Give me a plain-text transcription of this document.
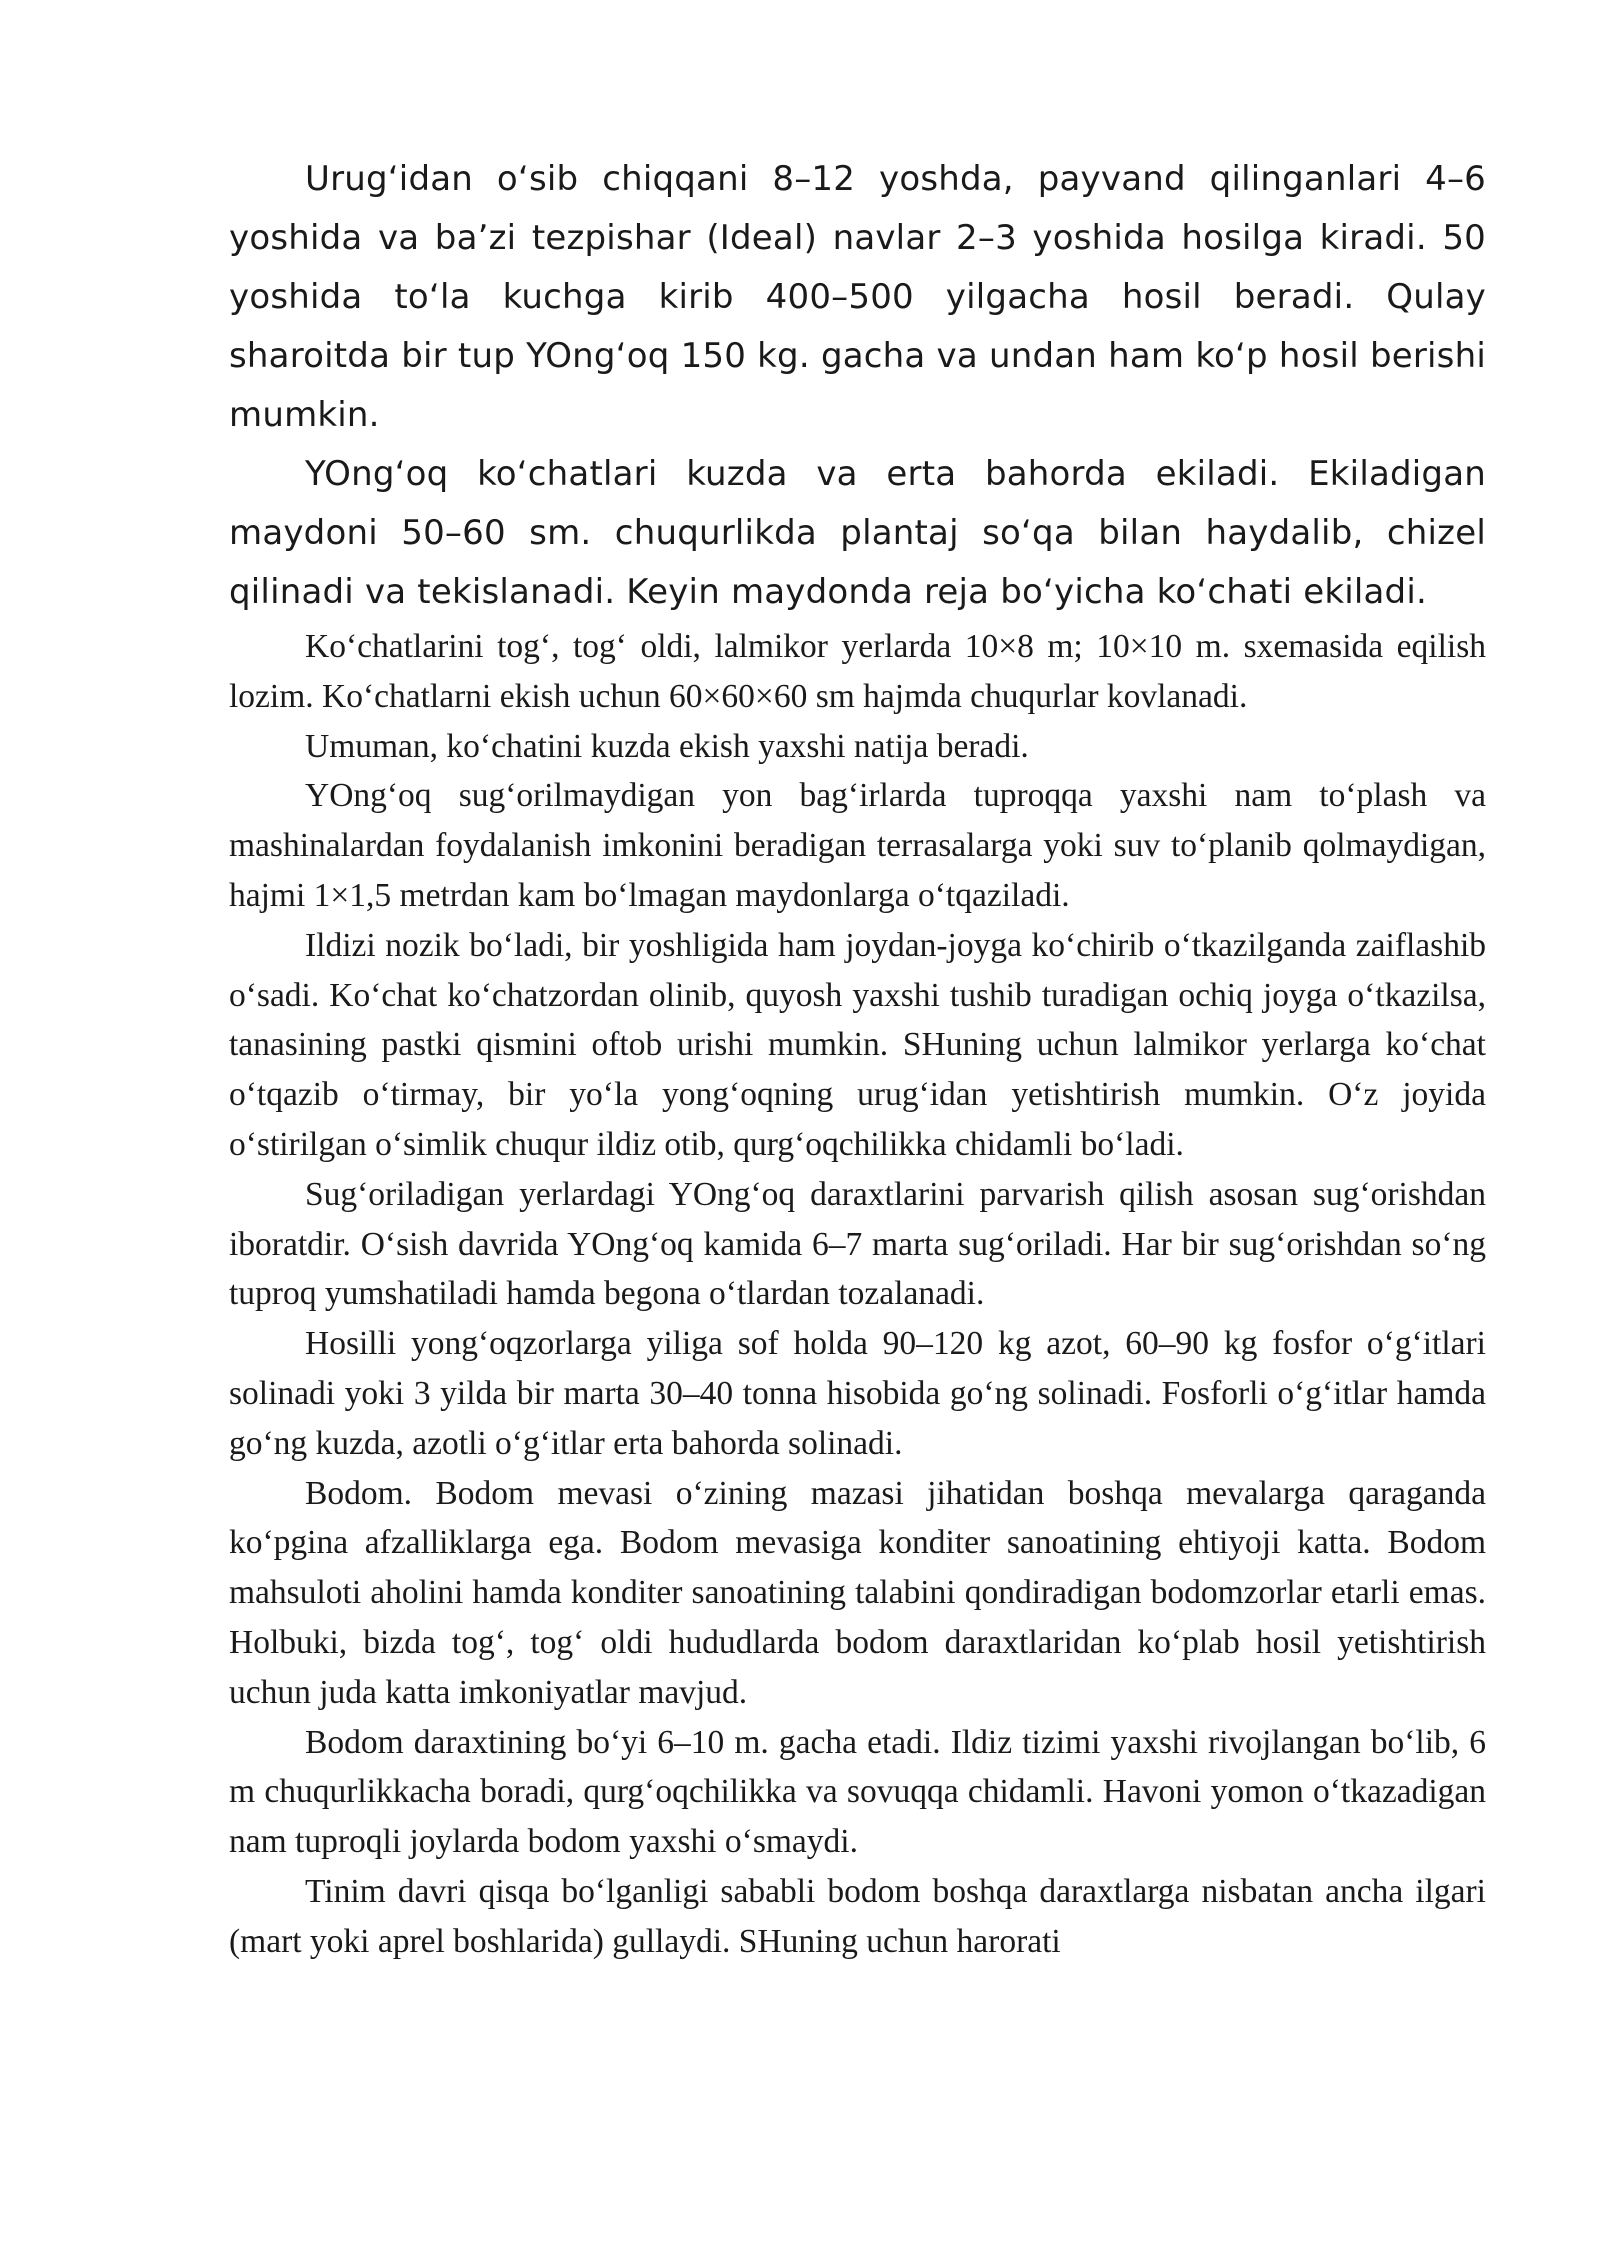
Urug‘idan o‘sib chiqqani 8–12 yoshda, payvand qilinganlari 4–6 yoshida va ba’zi tezpishar (Ideal) navlar 2–3 yoshida hosilga kiradi. 50 yoshida to‘la kuchga kirib 400–500 yilgacha hosil beradi. Qulay sharoitda bir tup YOng‘oq 150 kg. gacha va undan ham ko‘p hosil berishi mumkin.

YOng‘oq ko‘chatlari kuzda va erta bahorda ekiladi. Ekiladigan maydoni 50–60 sm. chuqurlikda plantaj so‘qa bilan haydalib, chizel qilinadi va tekislanadi. Keyin maydonda reja bo‘yicha ko‘chati ekiladi.

Ko‘chatlarini tog‘, tog‘ oldi, lalmikor yerlarda 10×8 m; 10×10 m. sxemasida eqilish lozim. Ko‘chatlarni ekish uchun 60×60×60 sm hajmda chuqurlar kovlanadi.

Umuman, ko‘chatini kuzda ekish yaxshi natija beradi.

YOng‘oq sug‘orilmaydigan yon bag‘irlarda tuproqqa yaxshi nam to‘plash va mashinalardan foydalanish imkonini beradigan terrasalarga yoki suv to‘planib qolmaydigan, hajmi 1×1,5 metrdan kam bo‘lmagan maydonlarga o‘tqaziladi.

Ildizi nozik bo‘ladi, bir yoshligida ham joydan-joyga ko‘chirib o‘tkazilganda zaiflashib o‘sadi. Ko‘chat ko‘chatzordan olinib, quyosh yaxshi tushib turadigan ochiq joyga o‘tkazilsa, tanasining pastki qismini oftob urishi mumkin. SHuning uchun lalmikor yerlarga ko‘chat o‘tqazib o‘tirmay, bir yo‘la yong‘oqning urug‘idan yetishtirish mumkin. O‘z joyida o‘stirilgan o‘simlik chuqur ildiz otib, qurg‘oqchilikka chidamli bo‘ladi.

Sug‘oriladigan yerlardagi YOng‘oq daraxtlarini parvarish qilish asosan sug‘orishdan iboratdir. O‘sish davrida YOng‘oq kamida 6–7 marta sug‘oriladi. Har bir sug‘orishdan so‘ng tuproq yumshatiladi hamda begona o‘tlardan tozalanadi.

Hosilli yong‘oqzorlarga yiliga sof holda 90–120 kg azot, 60–90 kg fosfor o‘g‘itlari solinadi yoki 3 yilda bir marta 30–40 tonna hisobida go‘ng solinadi. Fosforli o‘g‘itlar hamda go‘ng kuzda, azotli o‘g‘itlar erta bahorda solinadi.

Bodom. Bodom mevasi o‘zining mazasi jihatidan boshqa mevalarga qaraganda ko‘pgina afzalliklarga ega. Bodom mevasiga konditer sanoatining ehtiyoji katta. Bodom mahsuloti aholini hamda konditer sanoatining talabini qondiradigan bodomzorlar etarli emas. Holbuki, bizda tog‘, tog‘ oldi hududlarda bodom daraxtlaridan ko‘plab hosil yetishtirish uchun juda katta imkoniyatlar mavjud.

Bodom daraxtining bo‘yi 6–10 m. gacha etadi. Ildiz tizimi yaxshi rivojlangan bo‘lib, 6 m chuqurlikkacha boradi, qurg‘oqchilikka va sovuqqa chidamli. Havoni yomon o‘tkazadigan nam tuproqli joylarda bodom yaxshi o‘smaydi.

Tinim davri qisqa bo‘lganligi sababli bodom boshqa daraxtlarga nisbatan ancha ilgari (mart yoki aprel boshlarida) gullaydi. SHuning uchun harorati
